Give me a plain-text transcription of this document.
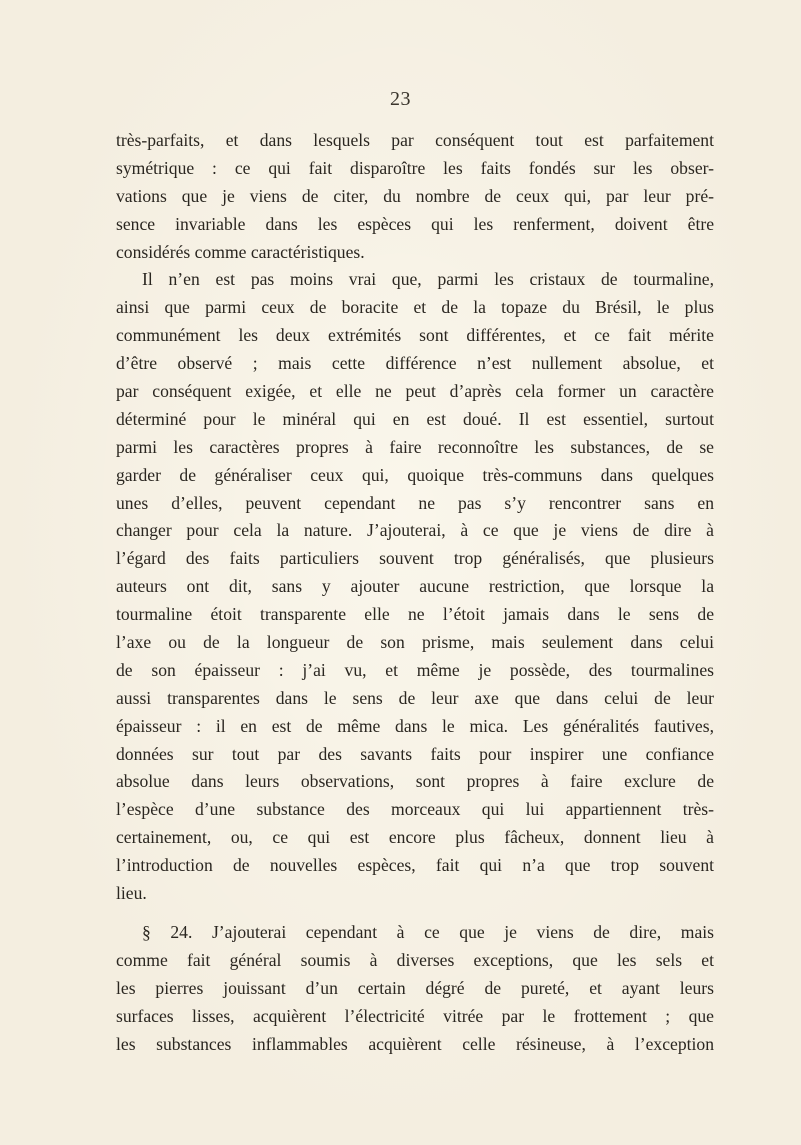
23
très-parfaits, et dans lesquels par conséquent tout est parfaitement
symétrique : ce qui fait disparoître les faits fondés sur les obser-
vations que je viens de citer, du nombre de ceux qui, par leur pré-
sence invariable dans les espèces qui les renferment, doivent être
considérés comme caractéristiques.
Il n’en est pas moins vrai que, parmi les cristaux de tourmaline,
ainsi que parmi ceux de boracite et de la topaze du Brésil, le plus
communément les deux extrémités sont différentes, et ce fait mérite
d’être observé ; mais cette différence n’est nullement absolue, et
par conséquent exigée, et elle ne peut d’après cela former un caractère
déterminé pour le minéral qui en est doué. Il est essentiel, surtout
parmi les caractères propres à faire reconnoître les substances, de se
garder de généraliser ceux qui, quoique très-communs dans quelques
unes d’elles, peuvent cependant ne pas s’y rencontrer sans en
changer pour cela la nature. J’ajouterai, à ce que je viens de dire à
l’égard des faits particuliers souvent trop généralisés, que plusieurs
auteurs ont dit, sans y ajouter aucune restriction, que lorsque la
tourmaline étoit transparente elle ne l’étoit jamais dans le sens de
l’axe ou de la longueur de son prisme, mais seulement dans celui
de son épaisseur : j’ai vu, et même je possède, des tourmalines
aussi transparentes dans le sens de leur axe que dans celui de leur
épaisseur : il en est de même dans le mica. Les généralités fautives,
données sur tout par des savants faits pour inspirer une confiance
absolue dans leurs observations, sont propres à faire exclure de
l’espèce d’une substance des morceaux qui lui appartiennent très-
certainement, ou, ce qui est encore plus fâcheux, donnent lieu à
l’introduction de nouvelles espèces, fait qui n’a que trop souvent
lieu.
§ 24. J’ajouterai cependant à ce que je viens de dire, mais
comme fait général soumis à diverses exceptions, que les sels et
les pierres jouissant d’un certain dégré de pureté, et ayant leurs
surfaces lisses, acquièrent l’électricité vitrée par le frottement ; que
les substances inflammables acquièrent celle résineuse, à l’exception
